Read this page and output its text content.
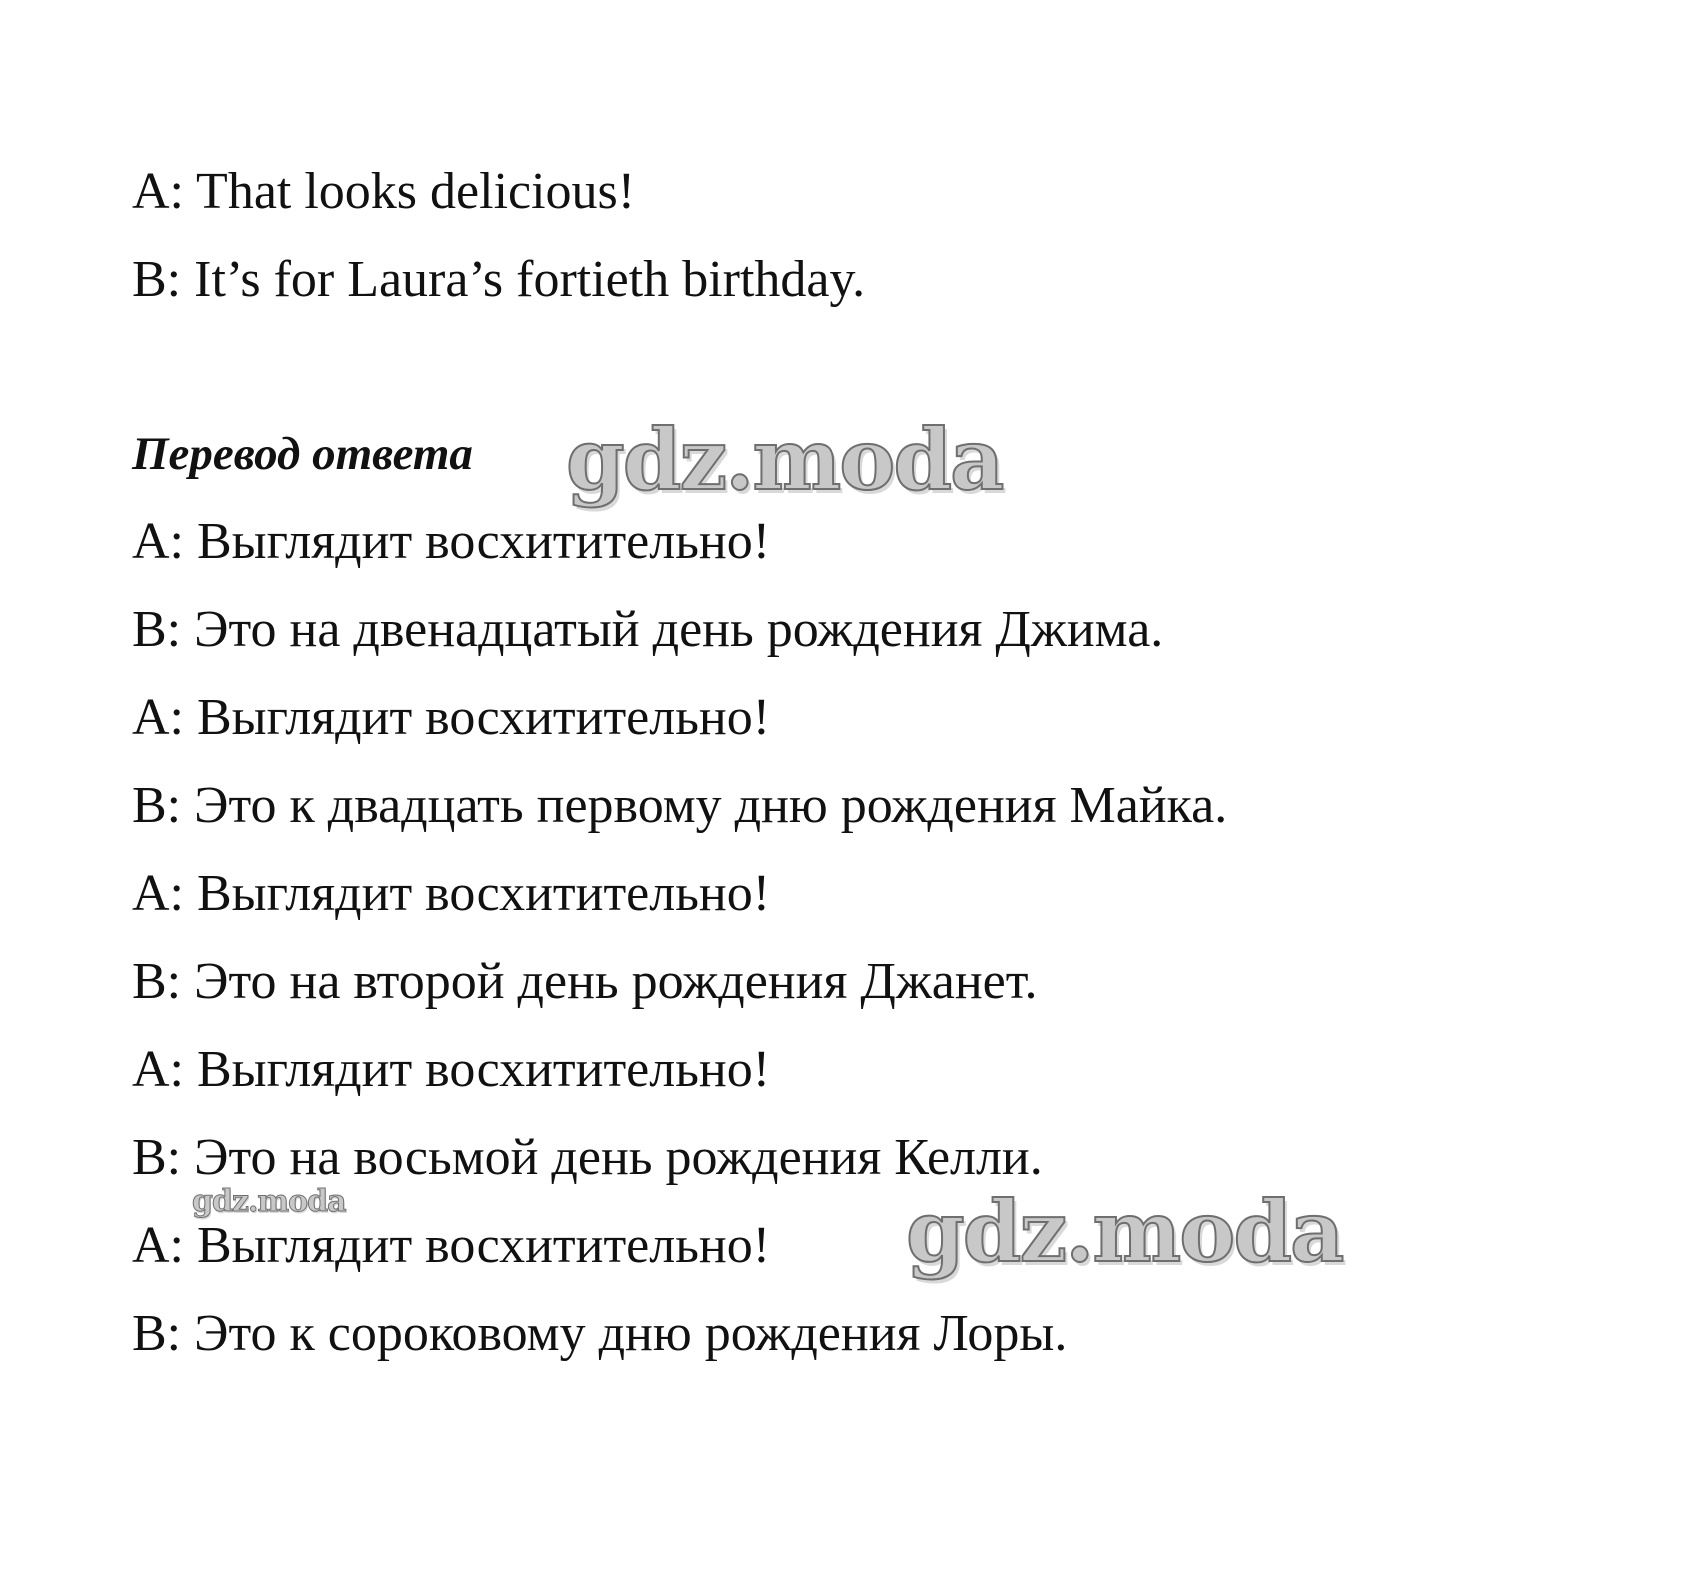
A: That looks delicious!
B: It’s for Laura’s fortieth birthday.
Перевод ответа
A: Выглядит восхитительно!
B: Это на двенадцатый день рождения Джима.
A: Выглядит восхитительно!
B: Это к двадцать первому дню рождения Майка.
A: Выглядит восхитительно!
B: Это на второй день рождения Джанет.
A: Выглядит восхитительно!
B: Это на восьмой день рождения Келли.
A: Выглядит восхитительно!
B: Это к сороковому дню рождения Лоры.
gdz.moda
gdz.moda	gdz.moda
